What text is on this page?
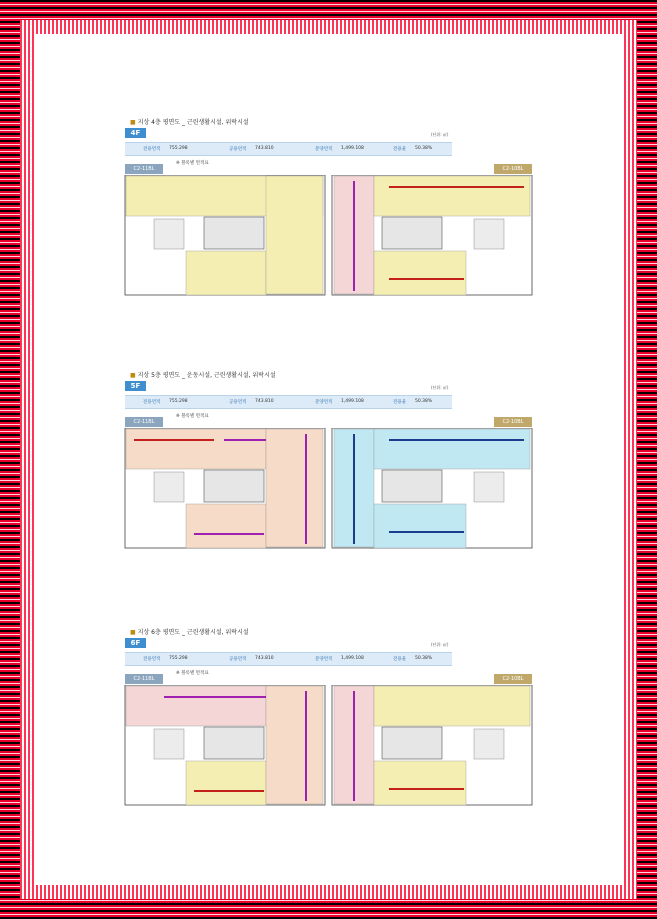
■ 지상 4층 평면도 _ 근린생활시설, 위락시설
4F	(단위: ㎡)
전용면적 755.298	공용면적 743.810	분양면적 1,499.108	전용율 50.38%
※ 블록별 면적표
C2-11BL	C2-10BL
■ 지상 5층 평면도 _ 운동시설, 근린생활시설, 위락시설
5F	(단위: ㎡)
전용면적 755.298	공용면적 743.810	분양면적 1,499.108	전용율 50.38%
※ 블록별 면적표
C2-11BL	C2-10BL
■ 지상 6층 평면도 _ 근린생활시설, 위락시설
6F	(단위: ㎡)
전용면적 755.298	공용면적 743.810	분양면적 1,499.108	전용율 50.38%
※ 블록별 면적표
C2-11BL	C2-10BL
